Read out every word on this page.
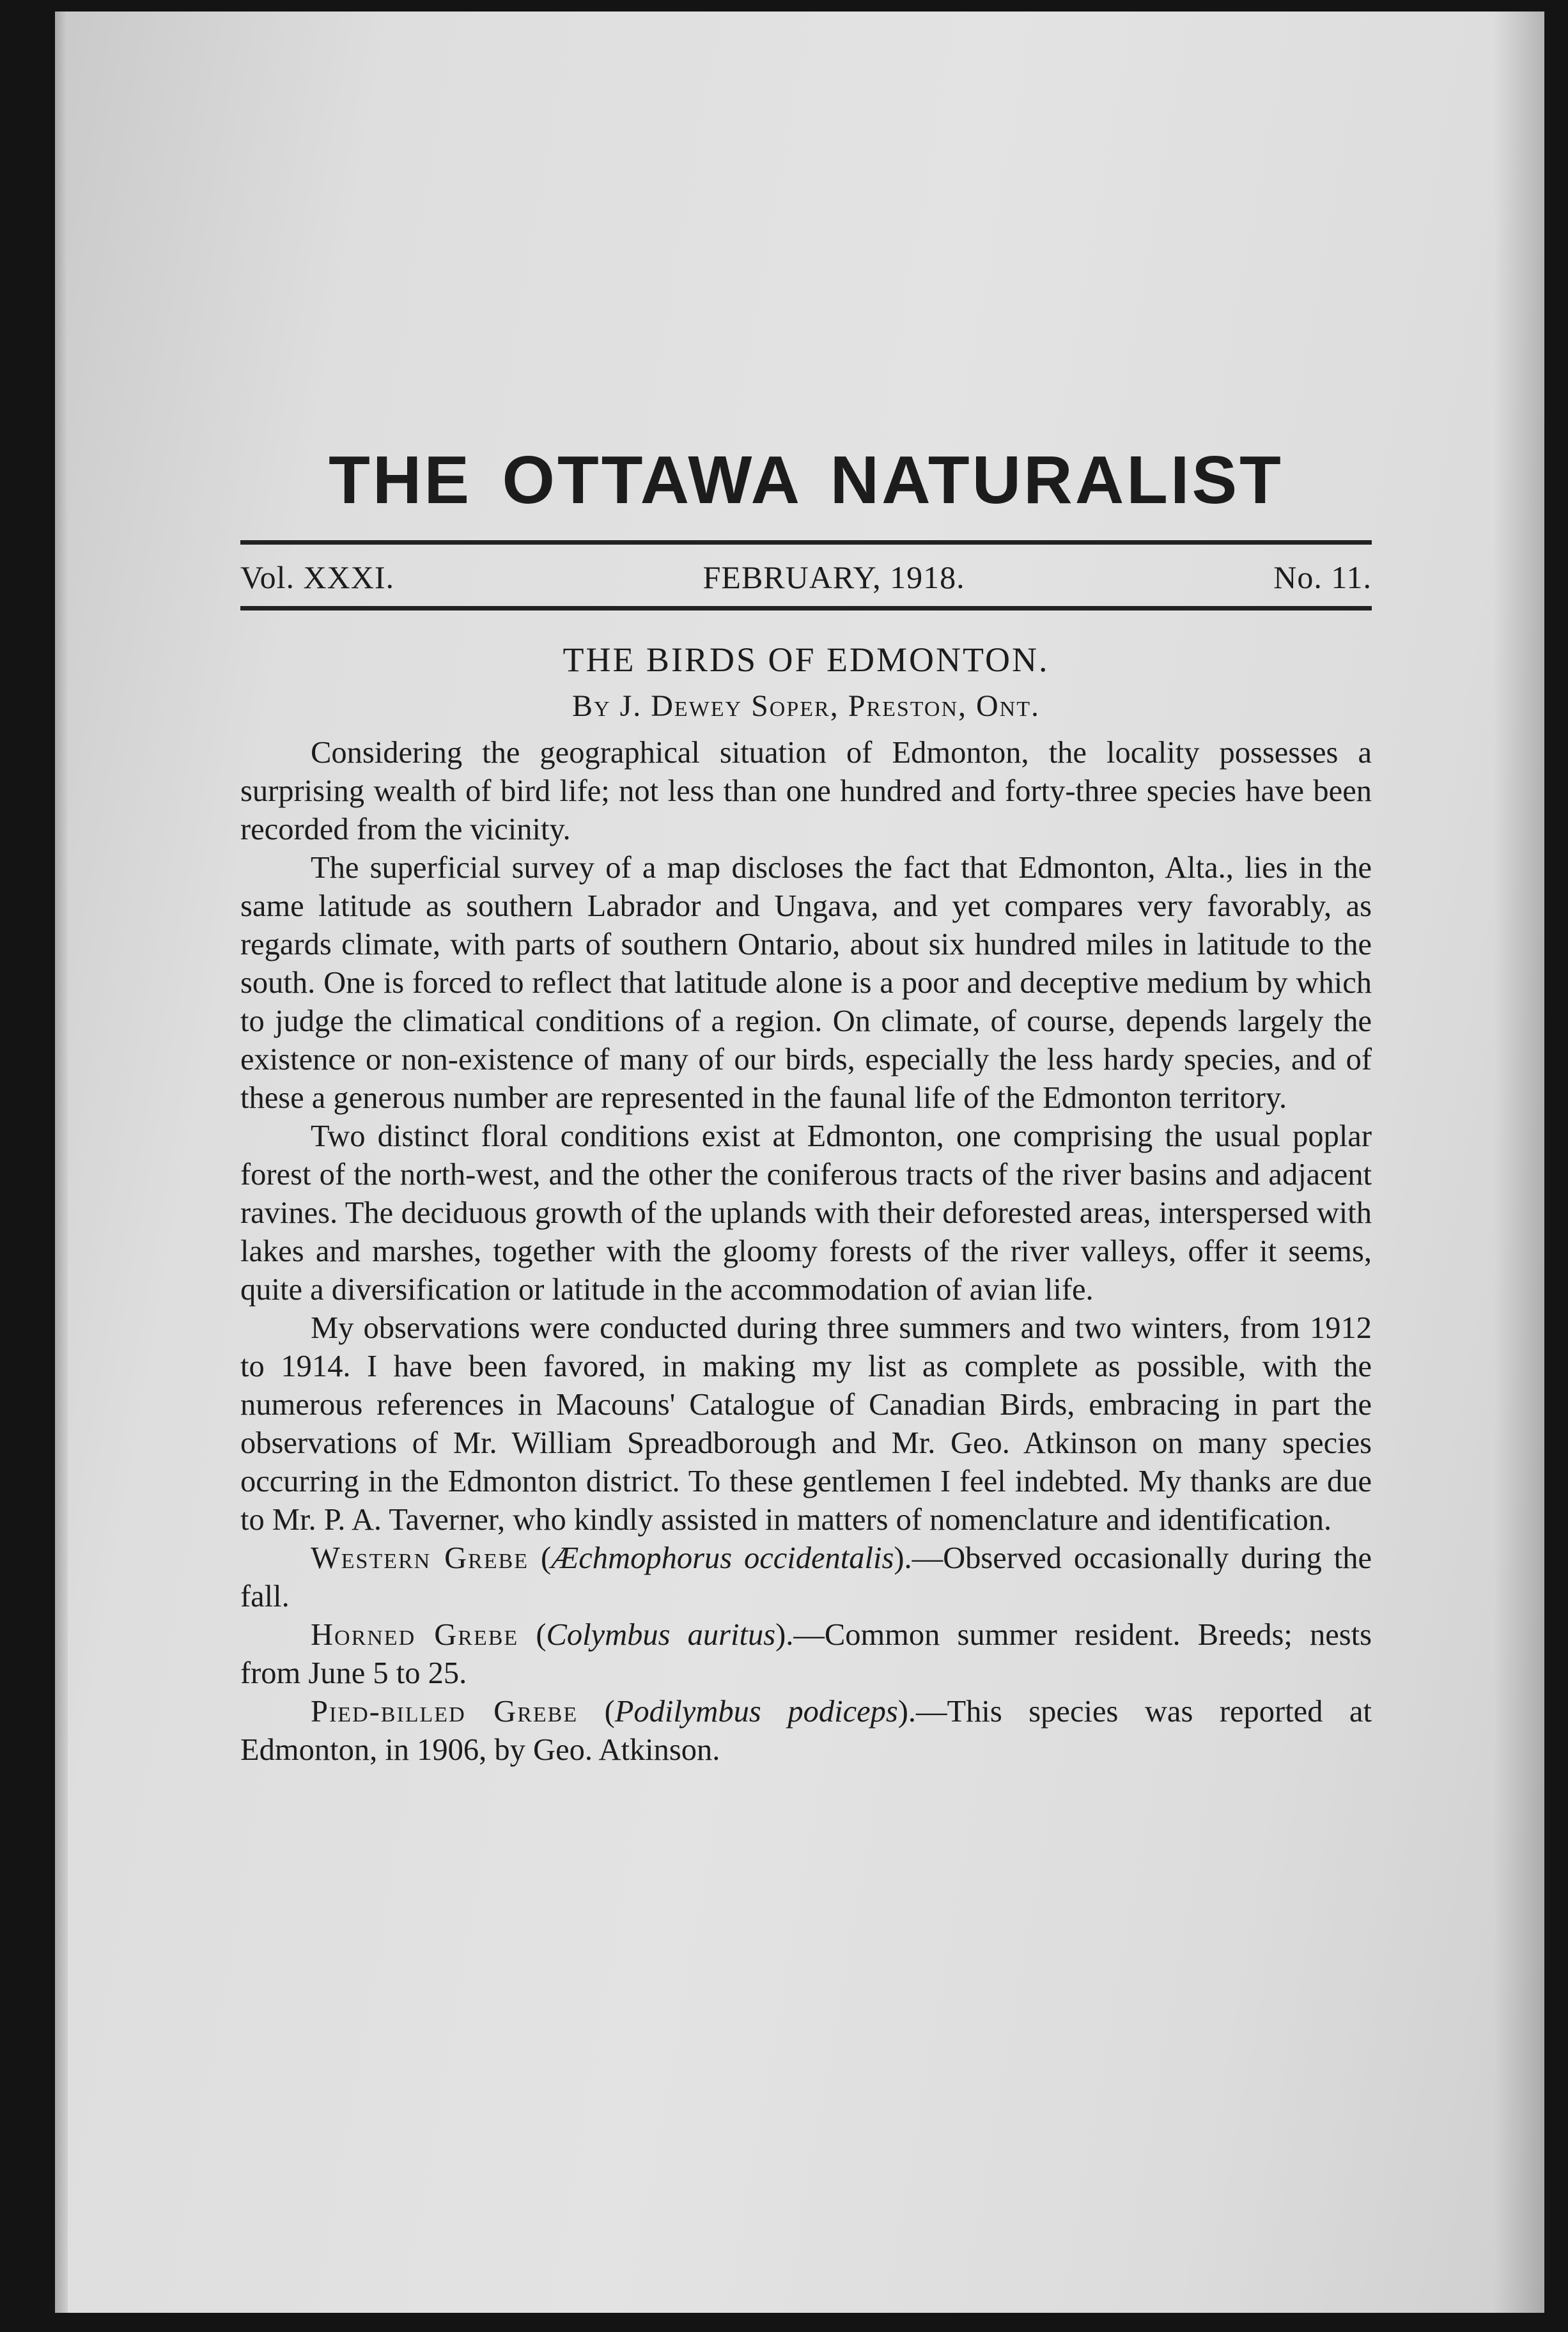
THE OTTAWA NATURALIST
Vol. XXXI.	FEBRUARY, 1918.	No. 11.
THE BIRDS OF EDMONTON.
By J. Dewey Soper, Preston, Ont.

Considering the geographical situation of Edmonton, the locality possesses a surprising wealth of bird life; not less than one hundred and forty-three species have been recorded from the vicinity.

The superficial survey of a map discloses the fact that Edmonton, Alta., lies in the same latitude as southern Labrador and Ungava, and yet compares very favorably, as regards climate, with parts of southern Ontario, about six hundred miles in latitude to the south. One is forced to reflect that latitude alone is a poor and deceptive medium by which to judge the climatical conditions of a region. On climate, of course, depends largely the existence or non-existence of many of our birds, especially the less hardy species, and of these a generous number are represented in the faunal life of the Edmonton territory.

Two distinct floral conditions exist at Edmonton, one comprising the usual poplar forest of the north-west, and the other the coniferous tracts of the river basins and adjacent ravines. The deciduous growth of the uplands with their deforested areas, interspersed with lakes and marshes, together with the gloomy forests of the river valleys, offer it seems, quite a diversification or latitude in the accommodation of avian life.

My observations were conducted during three summers and two winters, from 1912 to 1914. I have been favored, in making my list as complete as possible, with the numerous references in Macouns' Catalogue of Canadian Birds, embracing in part the observations of Mr. William Spreadborough and Mr. Geo. Atkinson on many species occurring in the Edmonton district. To these gentlemen I feel indebted. My thanks are due to Mr. P. A. Taverner, who kindly assisted in matters of nomenclature and identification.

Western Grebe (Æchmophorus occidentalis).—Observed occasionally during the fall.

Horned Grebe (Colymbus auritus).—Common summer resident. Breeds; nests from June 5 to 25.

Pied-billed Grebe (Podilymbus podiceps).—This species was reported at Edmonton, in 1906, by Geo. Atkinson.
